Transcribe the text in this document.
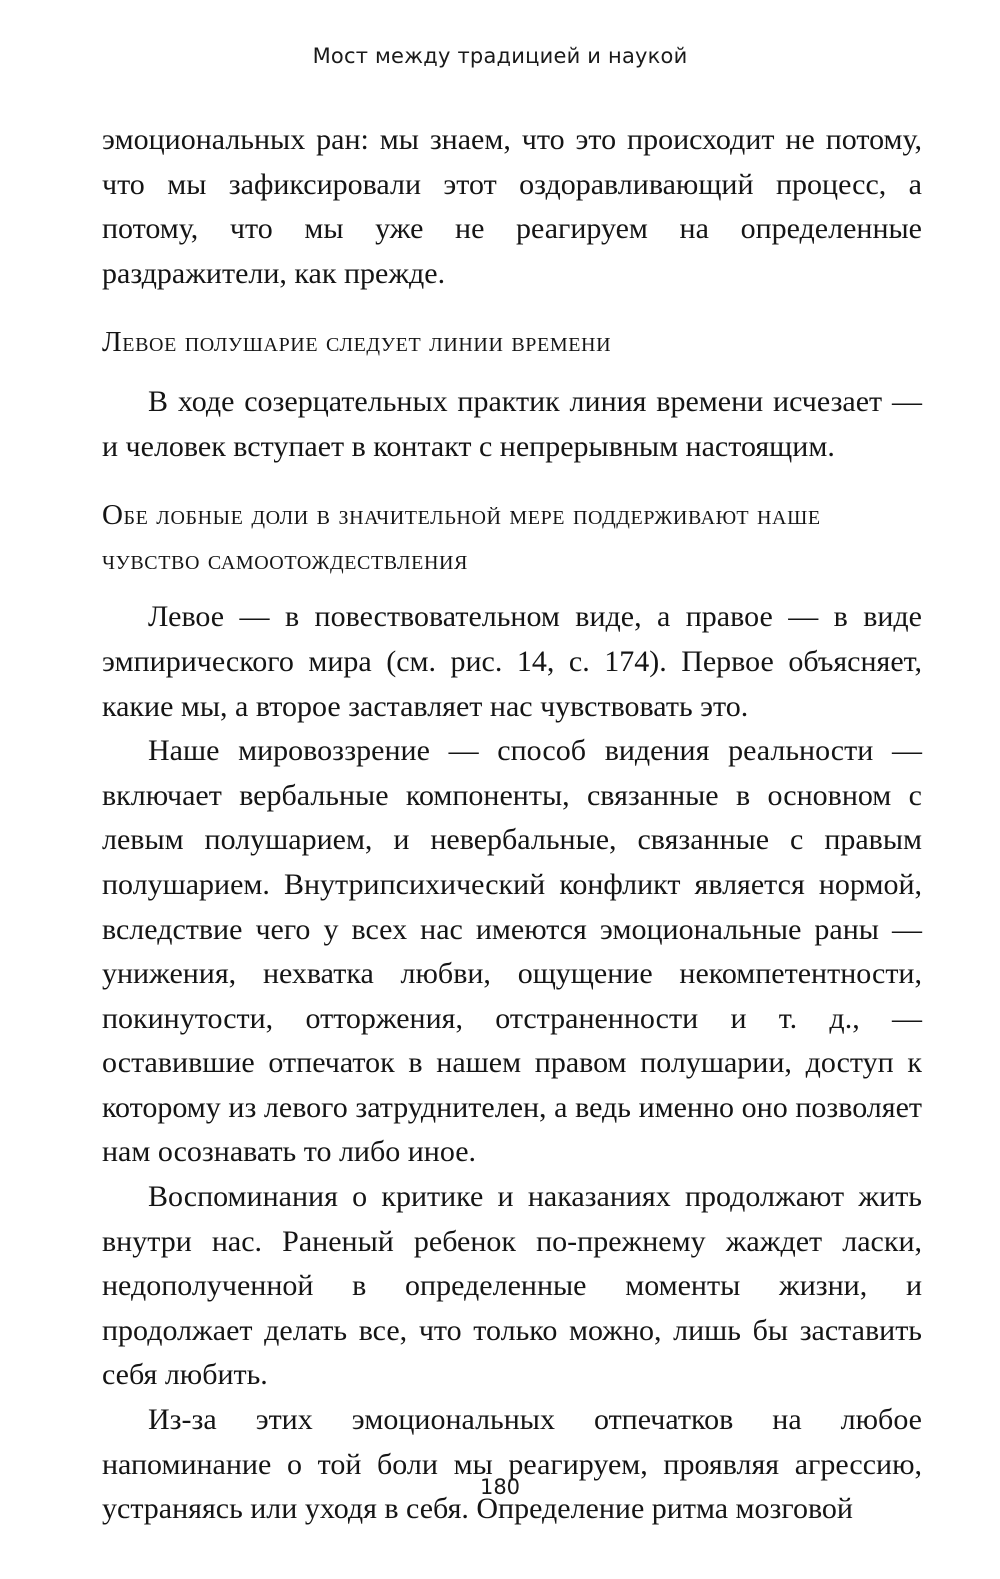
Мост между традицией и наукой

эмоциональных ран: мы знаем, что это происходит не потому, что мы зафиксировали этот оздоравливающий процесс, а потому, что мы уже не реагируем на определенные раздражители, как прежде.

Левое полушарие следует линии времени

В ходе созерцательных практик линия времени исчезает — и человек вступает в контакт с непрерывным настоящим.

Обе лобные доли в значительной мере поддерживают наше чувство самоотождествления

Левое — в повествовательном виде, а правое — в виде эмпирического мира (см. рис. 14, с. 174). Первое объясняет, какие мы, а второе заставляет нас чувствовать это.

Наше мировоззрение — способ видения реальности — включает вербальные компоненты, связанные в основном с левым полушарием, и невербальные, связанные с правым полушарием. Внутрипсихический конфликт является нормой, вследствие чего у всех нас имеются эмоциональные раны — унижения, нехватка любви, ощущение некомпетентности, покинутости, отторжения, отстраненности и т. д., — оставившие отпечаток в нашем правом полушарии, доступ к которому из левого затруднителен, а ведь именно оно позволяет нам осознавать то либо иное.

Воспоминания о критике и наказаниях продолжают жить внутри нас. Раненый ребенок по-прежнему жаждет ласки, недополученной в определенные моменты жизни, и продолжает делать все, что только можно, лишь бы заставить себя любить.

Из-за этих эмоциональных отпечатков на любое напоминание о той боли мы реагируем, проявляя агрессию, устраняясь или уходя в себя. Определение ритма мозговой

180
